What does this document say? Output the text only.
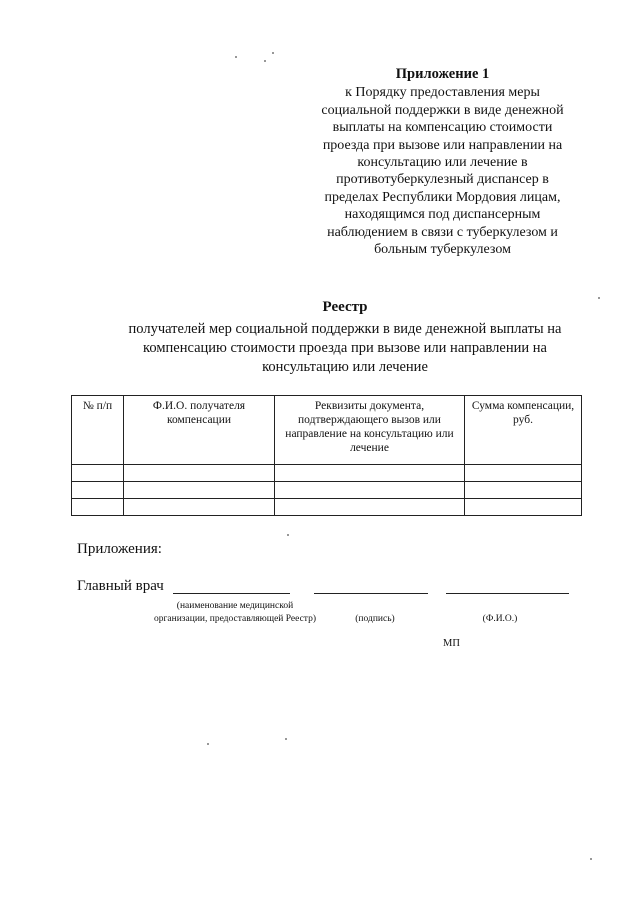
Приложение 1
к Порядку предоставления меры
социальной поддержки в виде денежной
выплаты на компенсацию стоимости
проезда при вызове или направлении на
консультацию или лечение в
противотуберкулезный диспансер в
пределах Республики Мордовия лицам,
находящимся под диспансерным
наблюдением в связи с туберкулезом и
больным туберкулезом
Реестр
получателей мер социальной поддержки в виде денежной выплаты на
компенсацию стоимости проезда при вызове или направлении на
консультацию или лечение
№ п/п	Ф.И.О. получателя компенсации	Реквизиты документа, подтверждающего вызов или направление на консультацию или лечение	Сумма компенсации, руб.

Приложения:
Главный врач
(наименование медицинской
организации, предоставляющей Реестр)	(подпись)	(Ф.И.О.)
МП
